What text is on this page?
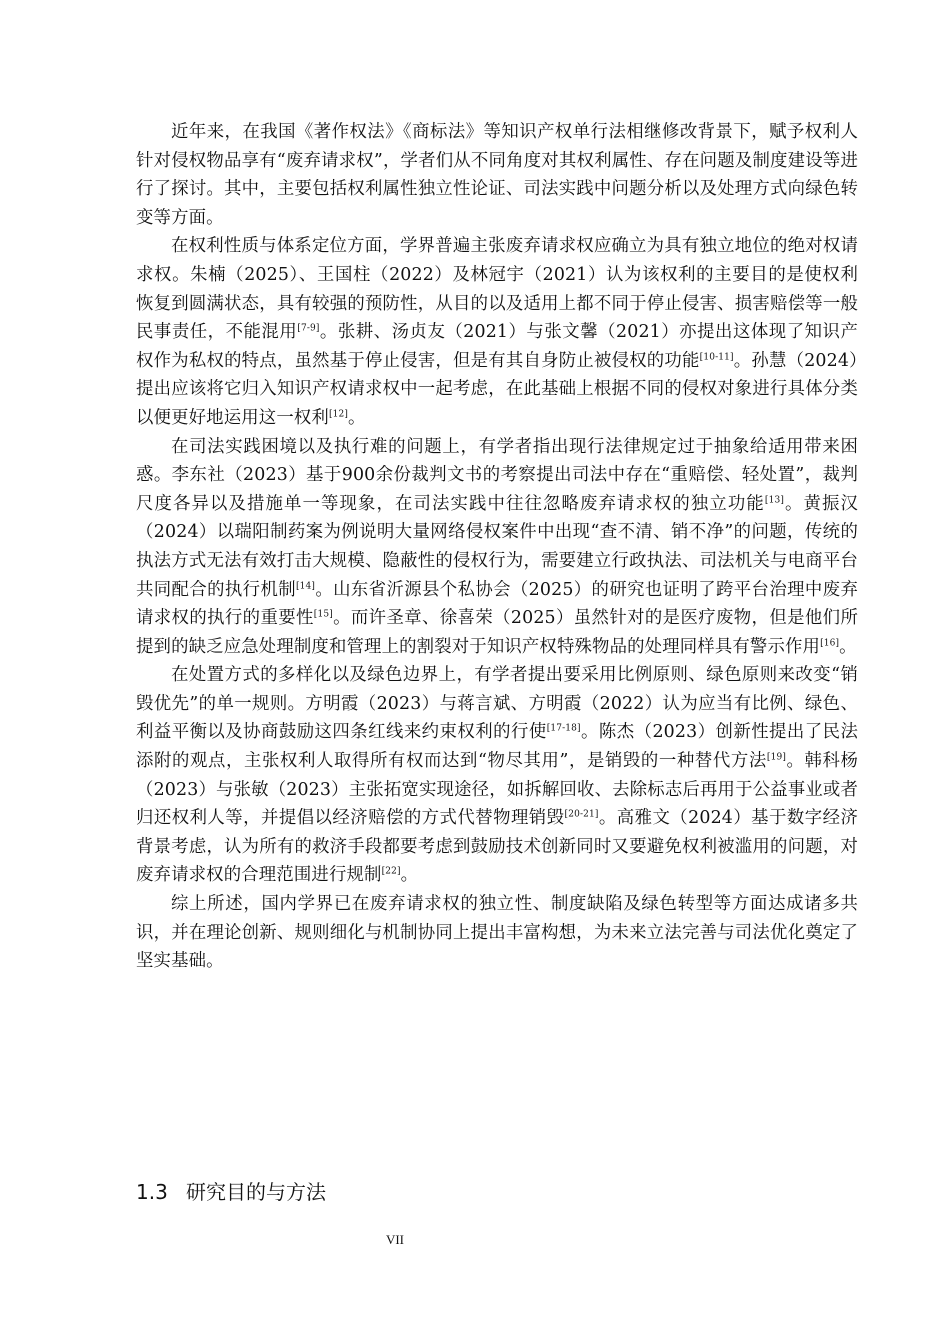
近年来，在我国《著作权法》《商标法》等知识产权单行法相继修改背景下，赋予权利人针对侵权物品享有“废弃请求权”，学者们从不同角度对其权利属性、存在问题及制度建设等进行了探讨。其中，主要包括权利属性独立性论证、司法实践中问题分析以及处理方式向绿色转变等方面。

在权利性质与体系定位方面，学界普遍主张废弃请求权应确立为具有独立地位的绝对权请求权。朱楠（2025）、王国柱（2022）及林冠宇（2021）认为该权利的主要目的是使权利恢复到圆满状态，具有较强的预防性，从目的以及适用上都不同于停止侵害、损害赔偿等一般民事责任，不能混用[7-9]。张耕、汤贞友（2021）与张文馨（2021）亦提出这体现了知识产权作为私权的特点，虽然基于停止侵害，但是有其自身防止被侵权的功能[10-11]。孙慧（2024）提出应该将它归入知识产权请求权中一起考虑，在此基础上根据不同的侵权对象进行具体分类以便更好地运用这一权利[12]。

在司法实践困境以及执行难的问题上，有学者指出现行法律规定过于抽象给适用带来困惑。李东社（2023）基于900余份裁判文书的考察提出司法中存在“重赔偿、轻处置”，裁判尺度各异以及措施单一等现象，在司法实践中往往忽略废弃请求权的独立功能[13]。黄振汉（2024）以瑞阳制药案为例说明大量网络侵权案件中出现“查不清、销不净”的问题，传统的执法方式无法有效打击大规模、隐蔽性的侵权行为，需要建立行政执法、司法机关与电商平台共同配合的执行机制[14]。山东省沂源县个私协会（2025）的研究也证明了跨平台治理中废弃请求权的执行的重要性[15]。而许圣章、徐喜荣（2025）虽然针对的是医疗废物，但是他们所提到的缺乏应急处理制度和管理上的割裂对于知识产权特殊物品的处理同样具有警示作用[16]。

在处置方式的多样化以及绿色边界上，有学者提出要采用比例原则、绿色原则来改变“销毁优先”的单一规则。方明霞（2023）与蒋言斌、方明霞（2022）认为应当有比例、绿色、利益平衡以及协商鼓励这四条红线来约束权利的行使[17-18]。陈杰（2023）创新性提出了民法添附的观点，主张权利人取得所有权而达到“物尽其用”，是销毁的一种替代方法[19]。韩科杨（2023）与张敏（2023）主张拓宽实现途径，如拆解回收、去除标志后再用于公益事业或者归还权利人等，并提倡以经济赔偿的方式代替物理销毁[20-21]。高雅文（2024）基于数字经济背景考虑，认为所有的救济手段都要考虑到鼓励技术创新同时又要避免权利被滥用的问题，对废弃请求权的合理范围进行规制[22]。

综上所述，国内学界已在废弃请求权的独立性、制度缺陷及绿色转型等方面达成诸多共识，并在理论创新、规则细化与机制协同上提出丰富构想，为未来立法完善与司法优化奠定了坚实基础。

1.3 研究目的与方法
VII
